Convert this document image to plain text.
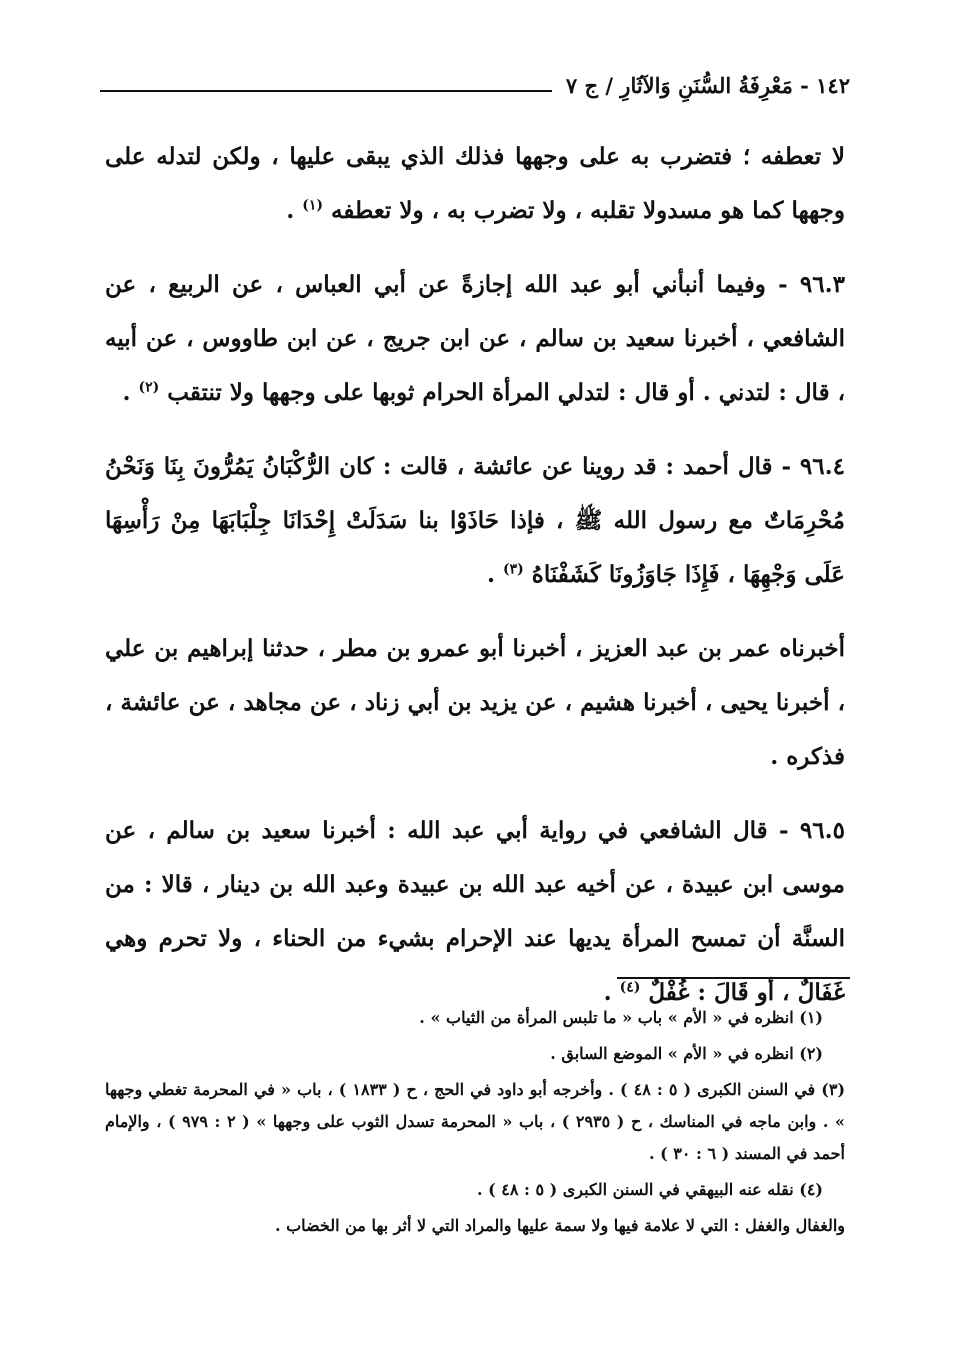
١٤٢ - مَعْرِفَةُ السُّنَنِ وَالآثَارِ / ج ٧

لا تعطفه ؛ فتضرب به على وجهها فذلك الذي يبقى عليها ، ولكن لتدله على وجهها كما هو مسدولا تقلبه ، ولا تضرب به ، ولا تعطفه $^{(١)}$ .

٩٦.٣ - وفيما أنبأني أبو عبد الله إجازةً عن أبي العباس ، عن الربيع ، عن الشافعي ، أخبرنا سعيد بن سالم ، عن ابن جريج ، عن ابن طاووس ، عن أبيه ، قال : لتدني . أو قال : لتدلي المرأة الحرام ثوبها على وجهها ولا تنتقب $^{(٢)}$ .

٩٦.٤ - قال أحمد : قد روينا عن عائشة ، قالت : كان الرُّكْبَانُ يَمُرُّونَ بِنَا وَنَحْنُ مُحْرِمَاتٌ مع رسول الله ﷺ ، فإذا حَاذَوْا بنا سَدَلَتْ إِحْدَانَا جِلْبَابَهَا مِنْ رَأْسِهَا عَلَى وَجْهِهَا ، فَإِذَا جَاوَزُونَا كَشَفْنَاهُ $^{(٣)}$ .

أخبرناه عمر بن عبد العزيز ، أخبرنا أبو عمرو بن مطر ، حدثنا إبراهيم بن علي ، أخبرنا يحيى ، أخبرنا هشيم ، عن يزيد بن أبي زناد ، عن مجاهد ، عن عائشة ، فذكره .

٩٦.٥ - قال الشافعي في رواية أبي عبد الله : أخبرنا سعيد بن سالم ، عن موسى ابن عبيدة ، عن أخيه عبد الله بن عبيدة وعبد الله بن دينار ، قالا : من السنَّة أن تمسح المرأة يديها عند الإحرام بشيء من الحناء ، ولا تحرم وهي غَفَالٌ ، أو قَالَ : غُفْلٌ $^{(٤)}$ .

(١) انظره في « الأم » باب « ما تلبس المرأة من الثياب » .

(٢) انظره في « الأم » الموضع السابق .

(٣) في السنن الكبرى ( ٥ : ٤٨ ) . وأخرجه أبو داود في الحج ، ح ( ١٨٣٣ ) ، باب « في المحرمة تغطي وجهها » . وابن ماجه في المناسك ، ح ( ٢٩٣٥ ) ، باب « المحرمة تسدل الثوب على وجهها » ( ٢ : ٩٧٩ ) ، والإمام أحمد في المسند ( ٦ : ٣٠ ) .

(٤) نقله عنه البيهقي في السنن الكبرى ( ٥ : ٤٨ ) .

والغفال والغفل : التي لا علامة فيها ولا سمة عليها والمراد التي لا أثر بها من الخضاب .
